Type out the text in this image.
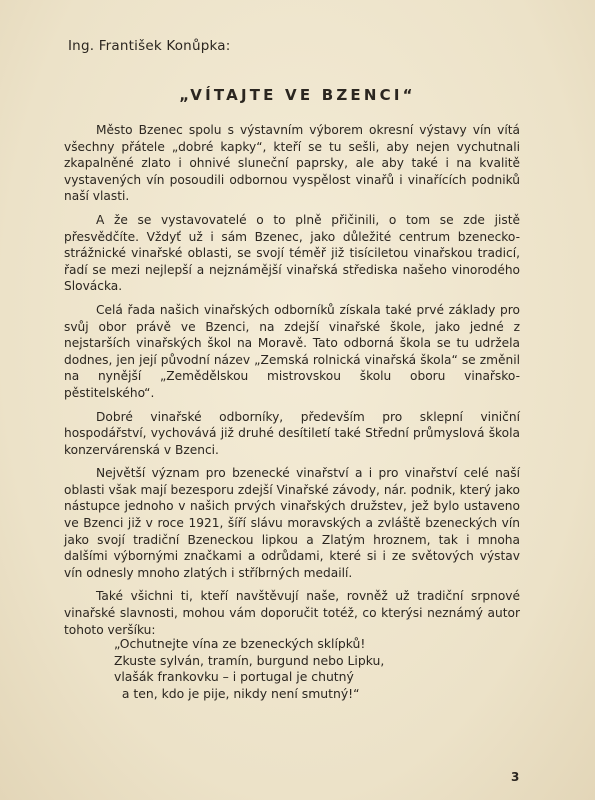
Ing. František Konůpka:
„VÍTAJTE VE BZENCI“

Město Bzenec spolu s výstavním výborem okresní výstavy vín vítá všechny přátele „dobré kapky“, kteří se tu sešli, aby nejen vychutnali zkapalněné zlato i ohnivé sluneční paprsky, ale aby také i na kvalitě vystavených vín posoudili odbornou vyspělost vinařů i vinařících podniků naší vlasti.

A že se vystavovatelé o to plně přičinili, o tom se zde jistě přesvědčíte. Vždyť už i sám Bzenec, jako důležité centrum bzenecko-strážnické vinařské oblasti, se svojí téměř již tisíciletou vinařskou tradicí, řadí se mezi nejlepší a nejznámější vinařská střediska našeho vinorodého Slovácka.

Celá řada našich vinařských odborníků získala také prvé základy pro svůj obor právě ve Bzenci, na zdejší vinařské škole, jako jedné z nejstarších vinařských škol na Moravě. Tato odborná škola se tu udržela dodnes, jen její původní název „Zemská rolnická vinařská škola“ se změnil na nynější „Zemědělskou mistrovskou školu oboru vinařsko-pěstitelského“.

Dobré vinařské odborníky, především pro sklepní viniční hospodářství, vychovává již druhé desítiletí také Střední průmyslová škola konzervárenská v Bzenci.

Největší význam pro bzenecké vinařství a i pro vinařství celé naší oblasti však mají bezesporu zdejší Vinařské závody, nár. podnik, který jako nástupce jednoho v našich prvých vinařských družstev, jež bylo ustaveno ve Bzenci již v roce 1921, šíří slávu moravských a zvláště bzeneckých vín jako svojí tradiční Bzeneckou lipkou a Zlatým hroznem, tak i mnoha dalšími výbornými značkami a odrůdami, které si i ze světových výstav vín odnesly mnoho zlatých i stříbrných medailí.

Také všichni ti, kteří navštěvují naše, rovněž už tradiční srpnové vinařské slavnosti, mohou vám doporučit totéž, co kterýsi neznámý autor tohoto veršíku:

„Ochutnejte vína ze bzeneckých sklípků!
Zkuste sylván, tramín, burgund nebo Lipku,
vlašák frankovku – i portugal je chutný
a ten, kdo je pije, nikdy není smutný!“
3
